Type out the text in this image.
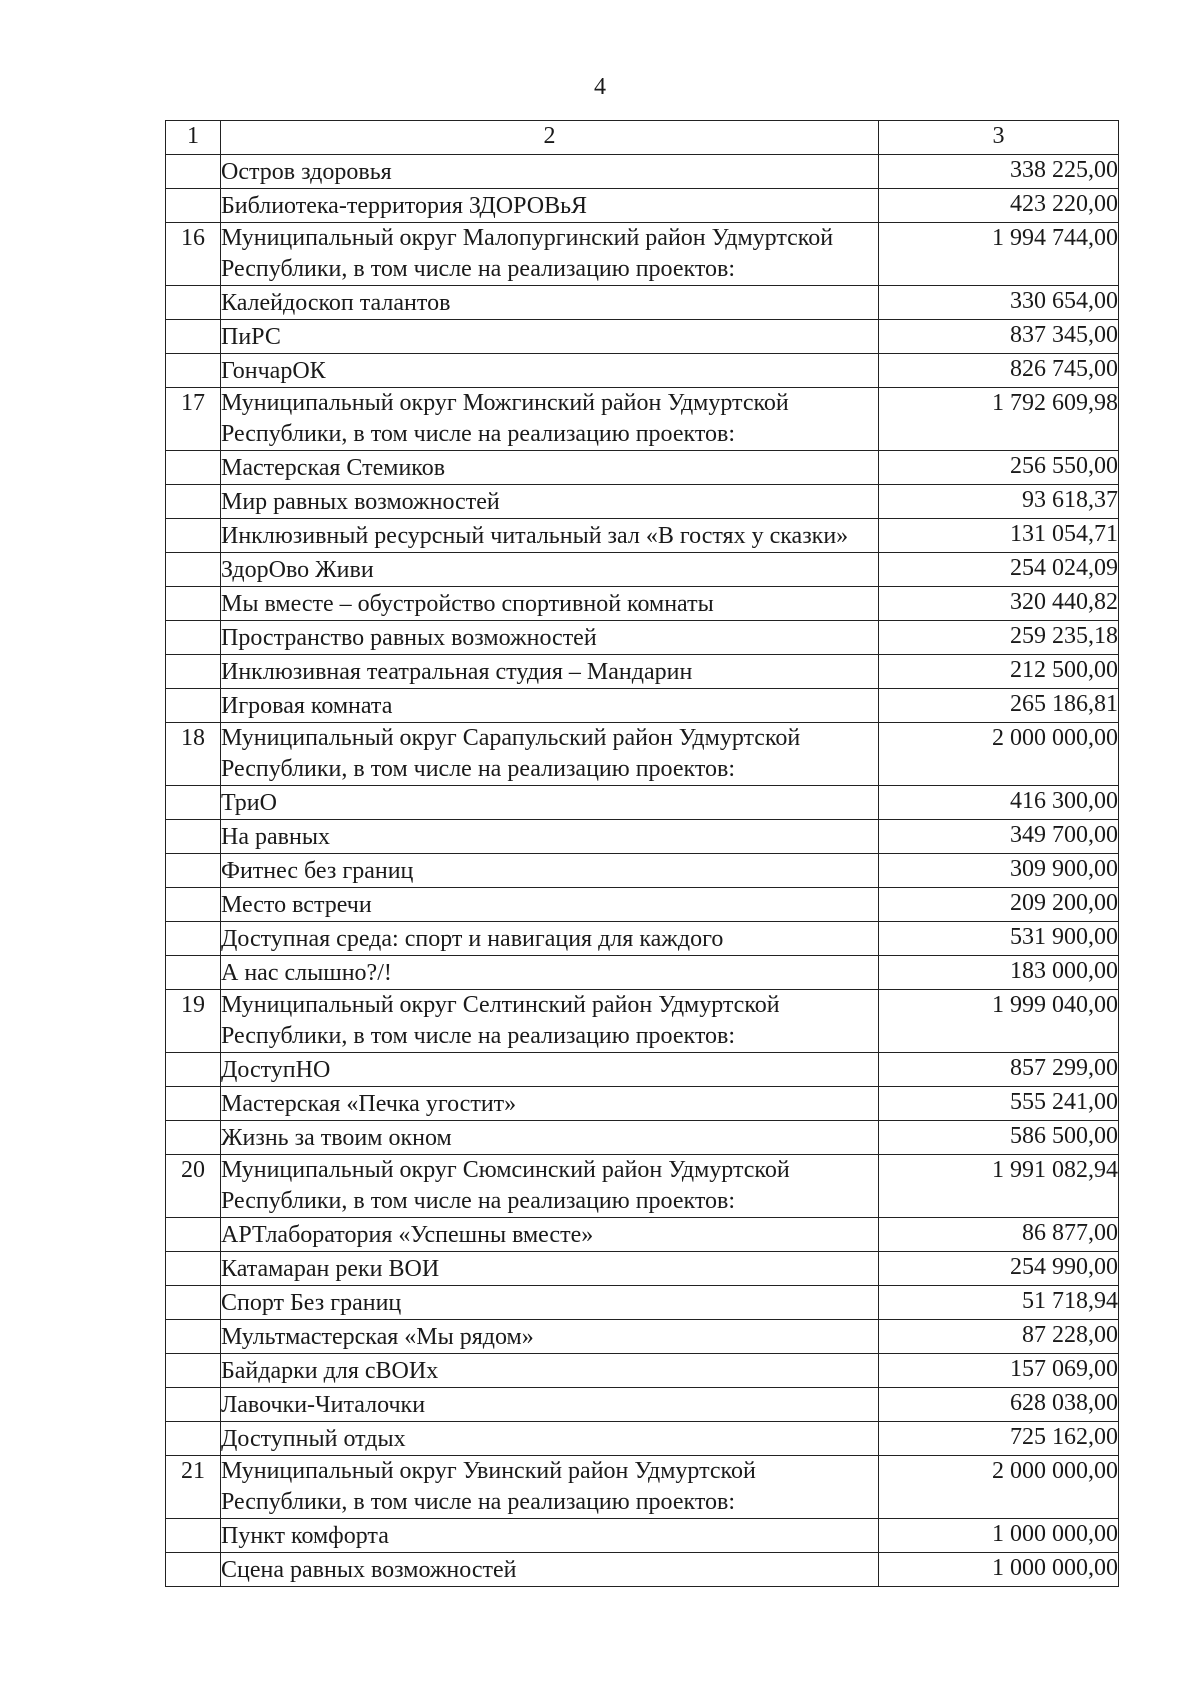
4
1	2	3
	Остров здоровья	338 225,00
	Библиотека-территория ЗДОРОВьЯ	423 220,00
16	Муниципальный округ Малопургинский район Удмуртской Республики, в том числе на реализацию проектов:	1 994 744,00
	Калейдоскоп талантов	330 654,00
	ПиРС	837 345,00
	ГончарОК	826 745,00
17	Муниципальный округ Можгинский район Удмуртской Республики, в том числе на реализацию проектов:	1 792 609,98
	Мастерская Стемиков	256 550,00
	Мир равных возможностей	93 618,37
	Инклюзивный ресурсный читальный зал «В гостях у сказки»	131 054,71
	ЗдорОво Живи	254 024,09
	Мы вместе – обустройство спортивной комнаты	320 440,82
	Пространство равных возможностей	259 235,18
	Инклюзивная театральная студия – Мандарин	212 500,00
	Игровая комната	265 186,81
18	Муниципальный округ Сарапульский район Удмуртской Республики, в том числе на реализацию проектов:	2 000 000,00
	ТриО	416 300,00
	На равных	349 700,00
	Фитнес без границ	309 900,00
	Место встречи	209 200,00
	Доступная среда: спорт и навигация для каждого	531 900,00
	А нас слышно?/!	183 000,00
19	Муниципальный округ Селтинский район Удмуртской Республики, в том числе на реализацию проектов:	1 999 040,00
	ДоступНО	857 299,00
	Мастерская «Печка угостит»	555 241,00
	Жизнь за твоим окном	586 500,00
20	Муниципальный округ Сюмсинский район Удмуртской Республики, в том числе на реализацию проектов:	1 991 082,94
	АРТлаборатория «Успешны вместе»	86 877,00
	Катамаран реки ВОИ	254 990,00
	Спорт Без границ	51 718,94
	Мультмастерская «Мы рядом»	87 228,00
	Байдарки для сВОИх	157 069,00
	Лавочки-Читалочки	628 038,00
	Доступный отдых	725 162,00
21	Муниципальный округ Увинский район Удмуртской Республики, в том числе на реализацию проектов:	2 000 000,00
	Пункт комфорта	1 000 000,00
	Сцена равных возможностей	1 000 000,00
